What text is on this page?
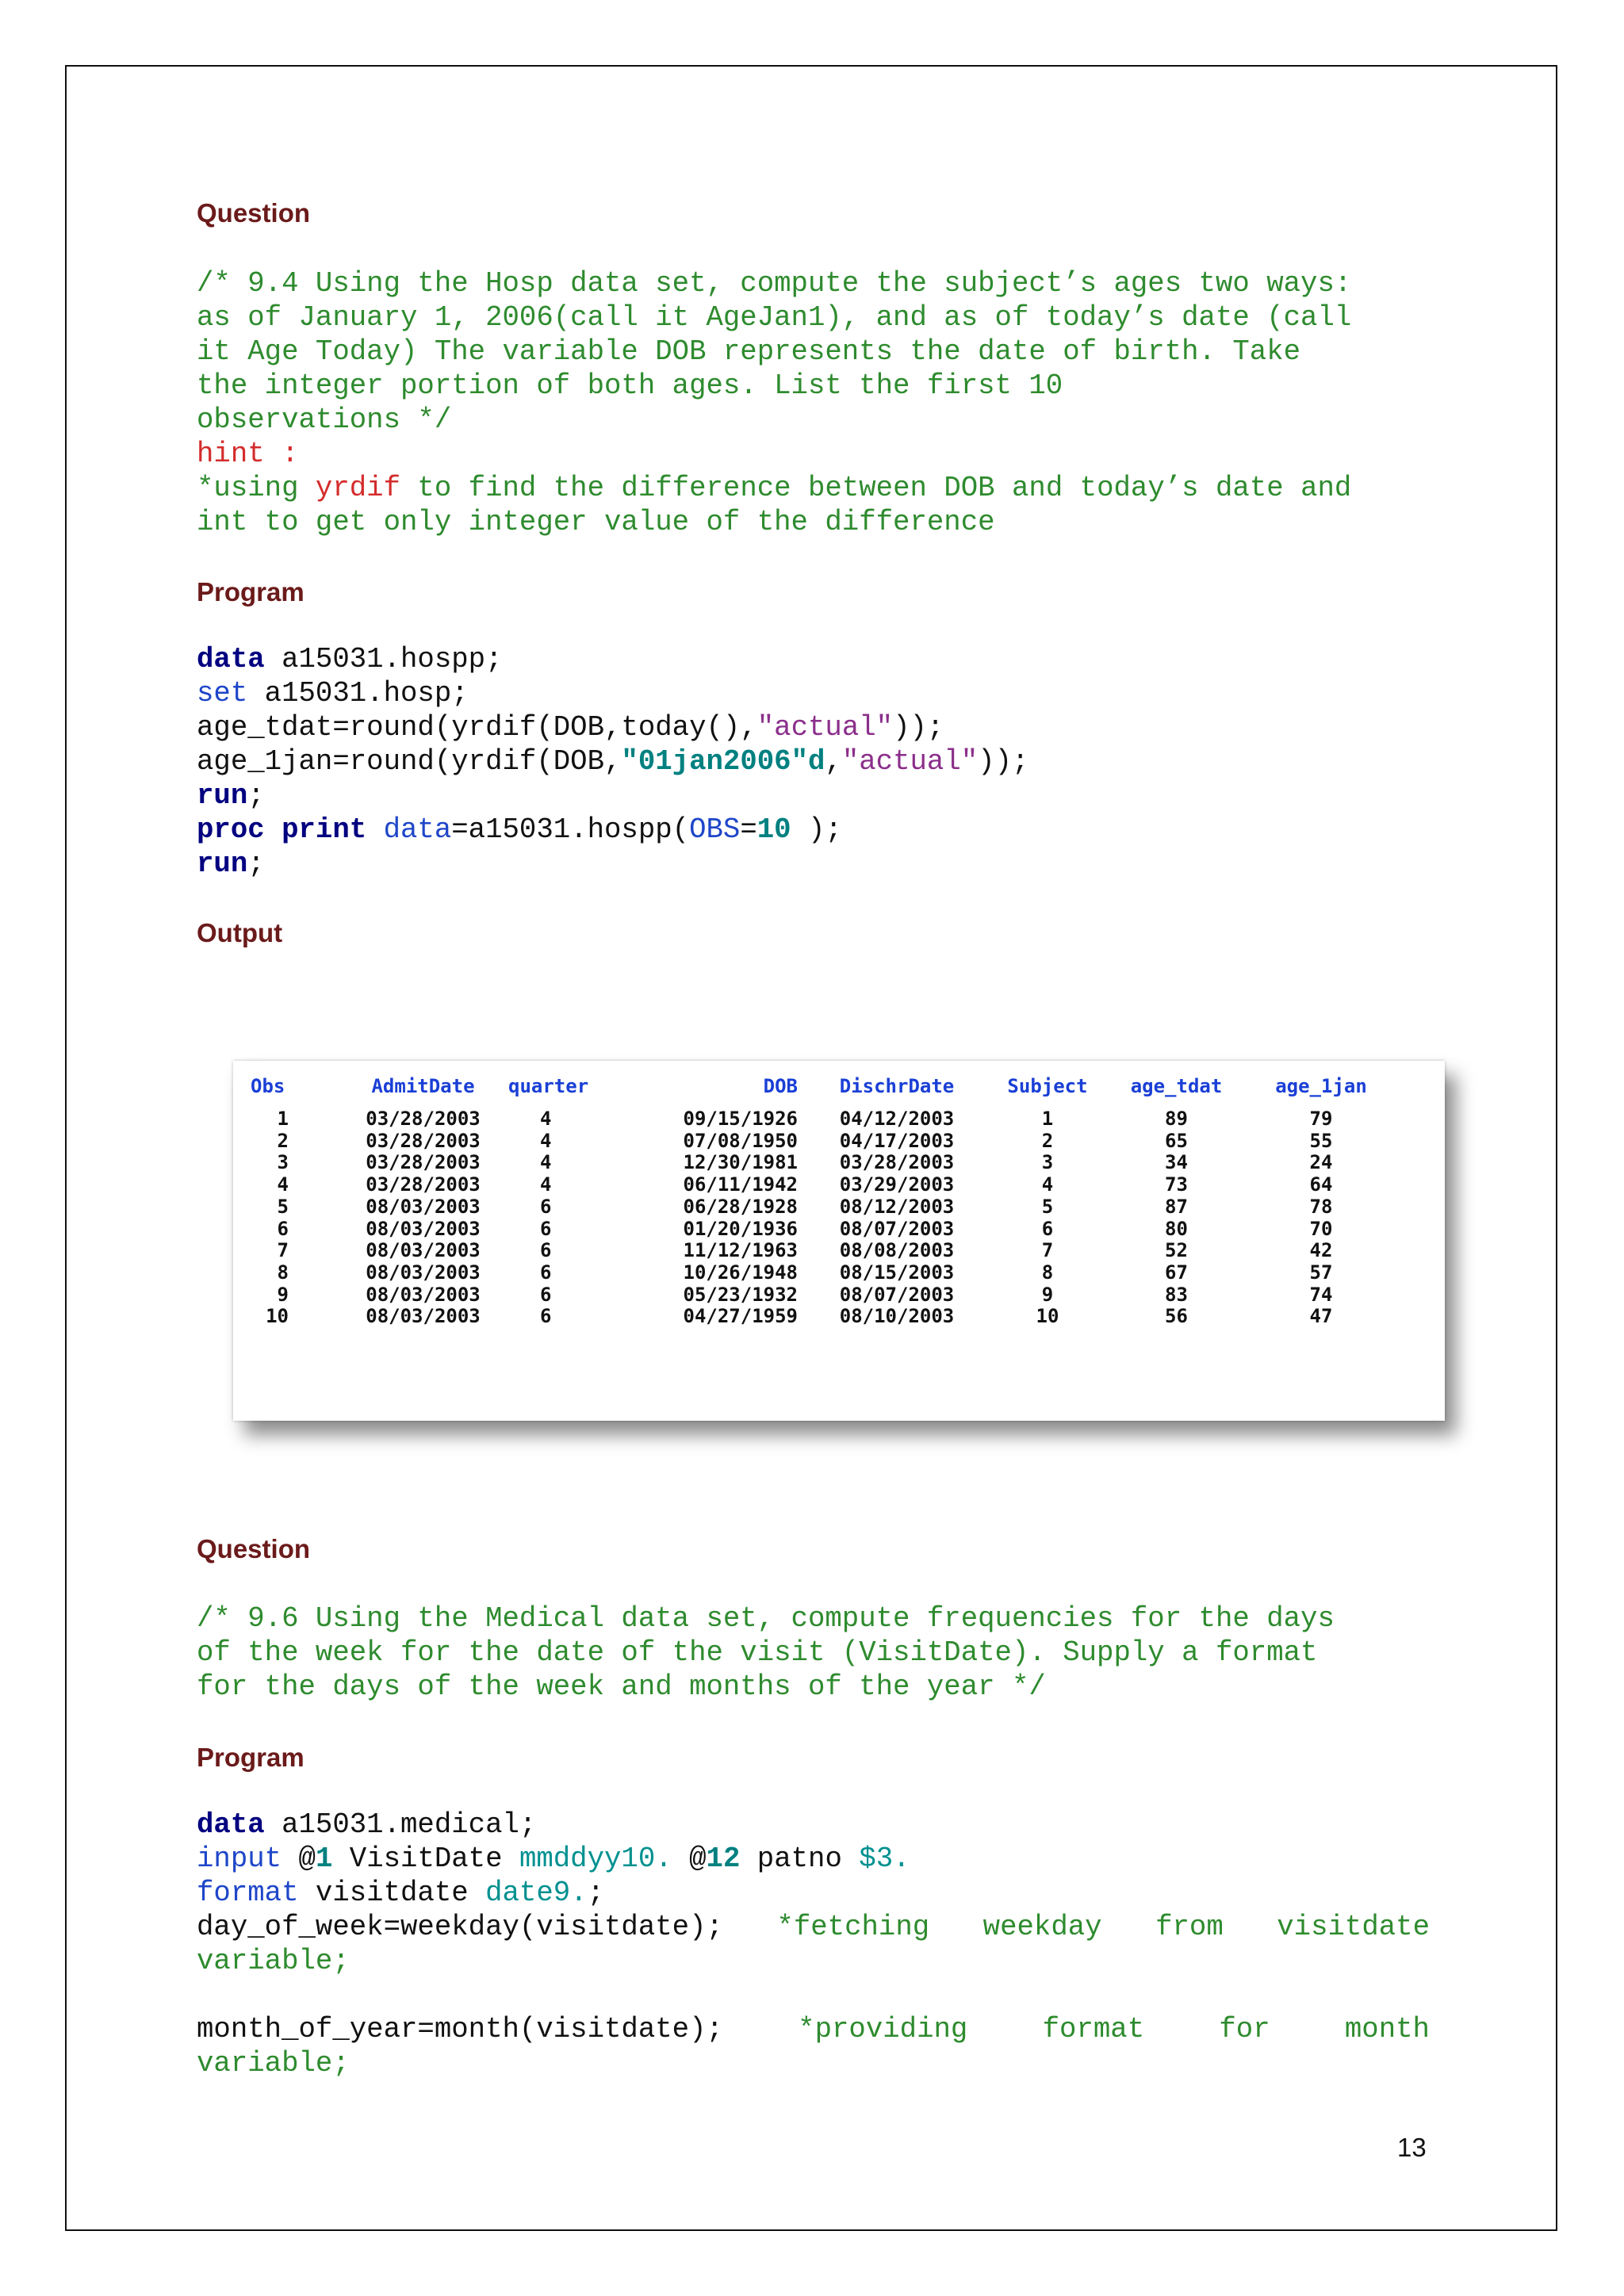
Question
/* 9.4 Using the Hosp data set, compute the subject’s ages two ways:
as of January 1, 2006(call it AgeJan1), and as of today’s date (call
it Age Today) The variable DOB represents the date of birth. Take
the integer portion of both ages. List the first 10
observations */
hint :
*using yrdif to find the difference between DOB and today’s date and
int to get only integer value of the difference
Program
data a15031.hospp;
set a15031.hosp;
age_tdat=round(yrdif(DOB,today(),"actual"));
age_1jan=round(yrdif(DOB,"01jan2006"d,"actual"));
run;
proc print data=a15031.hospp(OBS=10 );
run;
Output
Obs	AdmitDate	quarter	DOB	DischrDate	Subject	age_tdat	age_1jan
1	03/28/2003	4	09/15/1926	04/12/2003	1	89	79
2	03/28/2003	4	07/08/1950	04/17/2003	2	65	55
3	03/28/2003	4	12/30/1981	03/28/2003	3	34	24
4	03/28/2003	4	06/11/1942	03/29/2003	4	73	64
5	08/03/2003	6	06/28/1928	08/12/2003	5	87	78
6	08/03/2003	6	01/20/1936	08/07/2003	6	80	70
7	08/03/2003	6	11/12/1963	08/08/2003	7	52	42
8	08/03/2003	6	10/26/1948	08/15/2003	8	67	57
9	08/03/2003	6	05/23/1932	08/07/2003	9	83	74
10	08/03/2003	6	04/27/1959	08/10/2003	10	56	47
Question
/* 9.6 Using the Medical data set, compute frequencies for the days
of the week for the date of the visit (VisitDate). Supply a format
for the days of the week and months of the year */
Program
data a15031.medical;
input @1 VisitDate mmddyy10. @12 patno $3.
format visitdate date9.;
day_of_week=weekday(visitdate); *fetching weekday from visitdate
variable;
month_of_year=month(visitdate);	*providing	format	for	month
variable;
13
